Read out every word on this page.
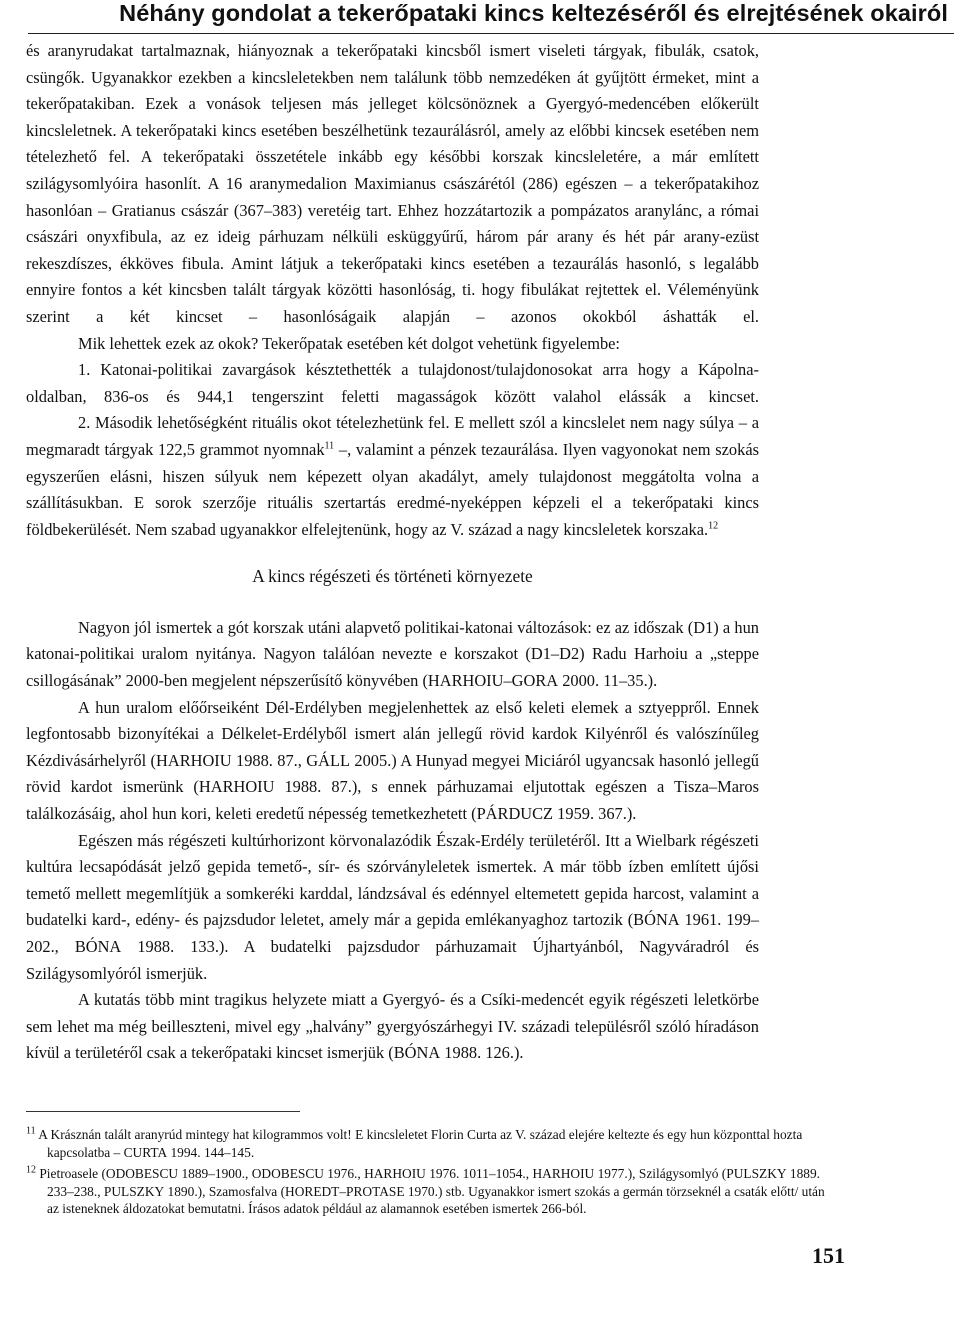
Néhány gondolat a tekerőpataki kincs keltezéséről és elrejtésének okairól

és aranyrudakat tartalmaznak, hiányoznak a tekerőpataki kincsből ismert viseleti tárgyak, fibulák, csatok, csüngők. Ugyanakkor ezekben a kincsleletekben nem találunk több nemzedéken át gyűjtött érmeket, mint a tekerőpatakiban. Ezek a vonások teljesen más jelleget kölcsönöznek a Gyergyó-medencében előkerült kincsleletnek. A tekerőpataki kincs esetében beszélhetünk tezaurálásról, amely az előbbi kincsek esetében nem tételezhető fel. A tekerőpataki összetétele inkább egy későbbi korszak kincsleletére, a már említett szilágysomlyóira hasonlít. A 16 aranymedalion Maximianus császárétól (286) egészen – a tekerőpatakihoz hasonlóan – Gratianus császár (367–383) veretéig tart. Ehhez hozzátartozik a pompázatos aranylánc, a római császári onyxfibula, az ez ideig párhuzam nélküli esküggyűrű, három pár arany és hét pár arany-ezüst rekeszdíszes, ékköves fibula. Amint látjuk a tekerőpataki kincs esetében a tezaurálás hasonló, s legalább ennyire fontos a két kincsben talált tárgyak közötti hasonlóság, ti. hogy fibulákat rejtettek el. Véleményünk szerint a két kincset – hasonlóságaik alapján – azonos okokból áshatták el.

Mik lehettek ezek az okok? Tekerőpatak esetében két dolgot vehetünk figyelembe:

1. Katonai-politikai zavargások késztethették a tulajdonost/tulajdonosokat arra hogy a Kápolna-oldalban, 836-os és 944,1 tengerszint feletti magasságok között valahol elássák a kincset.

2. Második lehetőségként rituális okot tételezhetünk fel. E mellett szól a kincslelet nem nagy súlya – a megmaradt tárgyak 122,5 grammot nyomnak$^{11}$ –, valamint a pénzek tezaurálása. Ilyen vagyonokat nem szokás egyszerűen elásni, hiszen súlyuk nem képezett olyan akadályt, amely tulajdonost meggátolta volna a szállításukban. E sorok szerzője rituális szertartás eredmé-nyeképpen képzeli el a tekerőpataki kincs földbekerülését. Nem szabad ugyanakkor elfelejtenünk, hogy az V. század a nagy kincsleletek korszaka.$^{12}$

A kincs régészeti és történeti környezete

Nagyon jól ismertek a gót korszak utáni alapvető politikai-katonai változások: ez az időszak (D1) a hun katonai-politikai uralom nyitánya. Nagyon találóan nevezte e korszakot (D1–D2) Radu Harhoiu a „steppe csillogásának” 2000-ben megjelent népszerűsítő könyvében (HARHOIU–GORA 2000. 11–35.).

A hun uralom előőrseiként Dél-Erdélyben megjelenhettek az első keleti elemek a sztyeppről. Ennek legfontosabb bizonyítékai a Délkelet-Erdélyből ismert alán jellegű rövid kardok Kilyénről és valószínűleg Kézdivásárhelyről (HARHOIU 1988. 87., GÁLL 2005.) A Hunyad megyei Miciáról ugyancsak hasonló jellegű rövid kardot ismerünk (HARHOIU 1988. 87.), s ennek párhuzamai eljutottak egészen a Tisza–Maros találkozásáig, ahol hun kori, keleti eredetű népesség temetkezhetett (PÁRDUCZ 1959. 367.).

Egészen más régészeti kultúrhorizont körvonalazódik Észak-Erdély területéről. Itt a Wielbark régészeti kultúra lecsapódását jelző gepida temető-, sír- és szórványleletek ismertek. A már több ízben említett újősi temető mellett megemlítjük a somkeréki karddal, lándzsával és edénnyel eltemetett gepida harcost, valamint a budatelki kard-, edény- és pajzsdudor leletet, amely már a gepida emlékanyaghoz tartozik (BÓNA 1961. 199–202., BÓNA 1988. 133.). A budatelki pajzsdudor párhuzamait Újhartyánból, Nagyváradról és Szilágysomlyóról ismerjük.

A kutatás több mint tragikus helyzete miatt a Gyergyó- és a Csíki-medencét egyik régészeti leletkörbe sem lehet ma még beilleszteni, mivel egy „halvány” gyergyószárhegyi IV. századi településről szóló híradáson kívül a területéről csak a tekerőpataki kincset ismerjük (BÓNA 1988. 126.).

$^{11}$ A Krásznán talált aranyrúd mintegy hat kilogrammos volt! E kincsleletet Florin Curta az V. század elejére keltezte és egy hun központtal hozta kapcsolatba – CURTA 1994. 144–145.

$^{12}$ Pietroasele (ODOBESCU 1889–1900., ODOBESCU 1976., HARHOIU 1976. 1011–1054., HARHOIU 1977.), Szilágysomlyó (PULSZKY 1889. 233–238., PULSZKY 1890.), Szamosfalva (HOREDT–PROTASE 1970.) stb. Ugyanakkor ismert szokás a germán törzseknél a csaták előtt/ után az isteneknek áldozatokat bemutatni. Írásos adatok például az alamannok esetében ismertek 266-ból.

151
